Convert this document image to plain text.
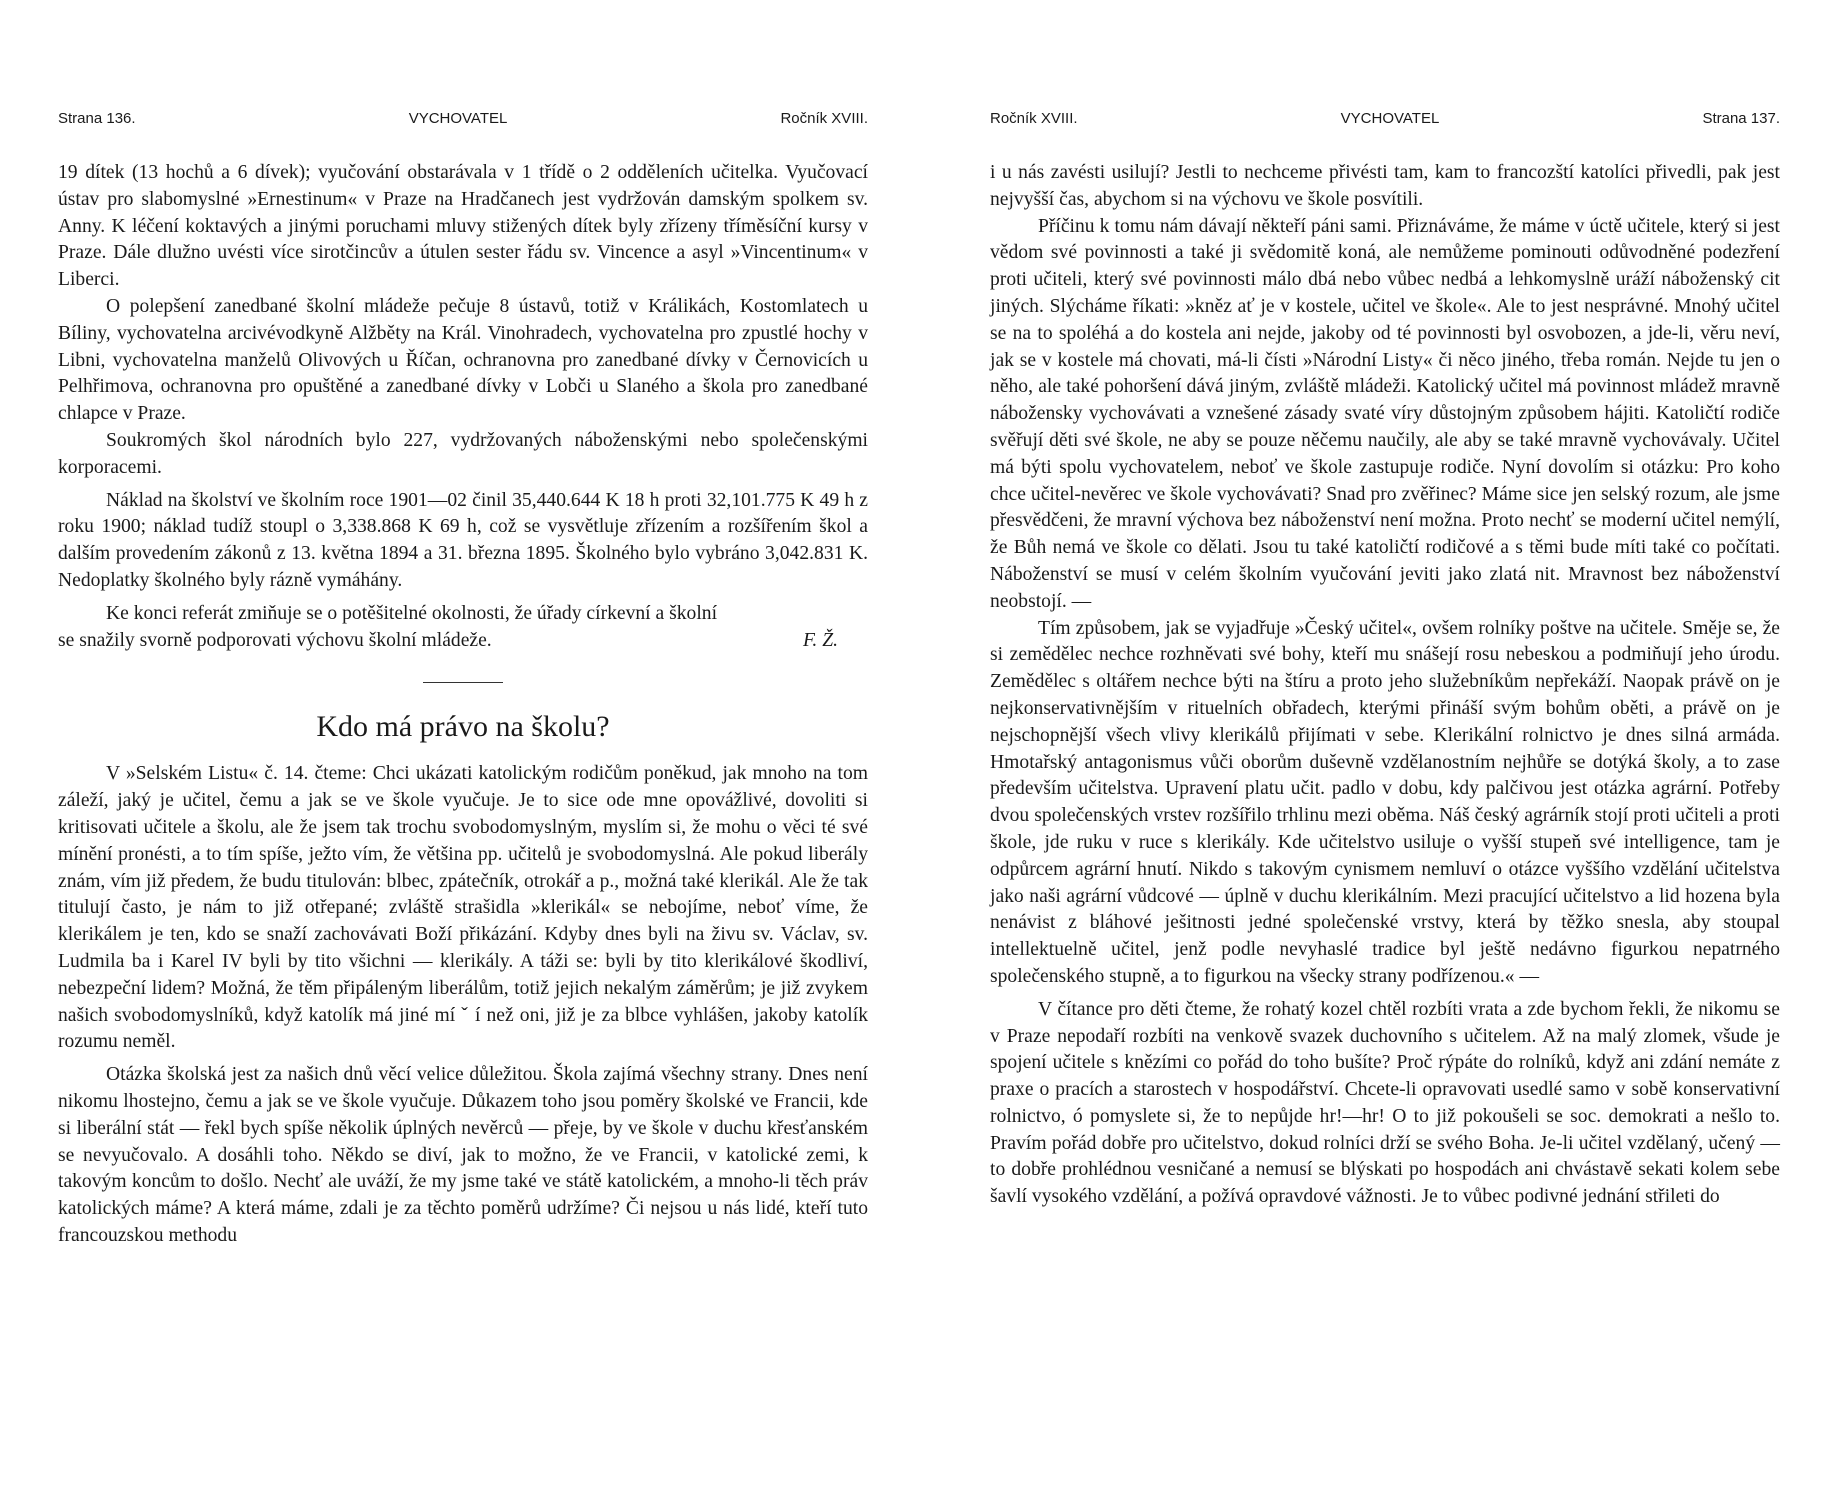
Strana 136.	VYCHOVATEL	Ročník XVIII.

19 dítek (13 hochů a 6 dívek); vyučování obstarávala v 1 třídě o 2 odděleních učitelka. Vyučovací ústav pro slabomyslné »Ernestinum« v Praze na Hradčanech jest vydržován damským spolkem sv. Anny. K léčení koktavých a jinými poruchami mluvy stižených dítek byly zřízeny tříměsíční kursy v Praze. Dále dlužno uvésti více sirotčincův a útulen sester řádu sv. Vincence a asyl »Vincentinum« v Liberci.

O polepšení zanedbané školní mládeže pečuje 8 ústavů, totiž v Králikách, Kostomlatech u Bíliny, vychovatelna arcivévodkyně Alžběty na Král. Vinohradech, vychovatelna pro zpustlé hochy v Libni, vychovatelna manželů Olivových u Říčan, ochranovna pro zanedbané dívky v Černovicích u Pelhřimova, ochranovna pro opuštěné a zanedbané dívky v Lobči u Slaného a škola pro zanedbané chlapce v Praze.

Soukromých škol národních bylo 227, vydržovaných náboženskými nebo společenskými korporacemi.

Náklad na školství ve školním roce 1901—02 činil 35,440.644 K 18 h proti 32,101.775 K 49 h z roku 1900; náklad tudíž stoupl o 3,338.868 K 69 h, což se vysvětluje zřízením a rozšířením škol a dalším provedením zákonů z 13. května 1894 a 31. března 1895. Školného bylo vybráno 3,042.831 K. Nedoplatky školného byly rázně vymáhány.

Ke konci referát zmiňuje se o potěšitelné okolnosti, že úřady církevní a školní

se snažily svorně podporovati výchovu školní mládeže.	F. Ž.

Kdo má právo na školu?

V »Selském Listu« č. 14. čteme: Chci ukázati katolickým rodičům poněkud, jak mnoho na tom záleží, jaký je učitel, čemu a jak se ve škole vyučuje. Je to sice ode mne opovážlivé, dovoliti si kritisovati učitele a školu, ale že jsem tak trochu svobodomyslným, myslím si, že mohu o věci té své mínění pronésti, a to tím spíše, ježto vím, že většina pp. učitelů je svobodomyslná. Ale pokud liberály znám, vím již předem, že budu titulován: blbec, zpátečník, otrokář a p., možná také klerikál. Ale že tak titulují často, je nám to již otřepané; zvláště strašidla »klerikál« se nebojíme, neboť víme, že klerikálem je ten, kdo se snaží zachovávati Boží přikázání. Kdyby dnes byli na živu sv. Václav, sv. Ludmila ba i Karel IV byli by tito všichni — klerikály. A táži se: byli by tito klerikálové škodliví, nebezpeční lidem? Možná, že těm připáleným liberálům, totiž jejich nekalým záměrům; je již zvykem našich svobodomyslníků, když katolík má jiné mí ˇ í než oni, již je za blbce vyhlášen, jakoby katolík rozumu neměl.

Otázka školská jest za našich dnů věcí velice důležitou. Škola zajímá všechny strany. Dnes není nikomu lhostejno, čemu a jak se ve škole vyučuje. Důkazem toho jsou poměry školské ve Francii, kde si liberální stát — řekl bych spíše několik úplných nevěrců — přeje, by ve škole v duchu křesťanském se nevyučovalo. A dosáhli toho. Někdo se diví, jak to možno, že ve Francii, v katolické zemi, k takovým koncům to došlo. Nechť ale uváží, že my jsme také ve státě katolickém, a mnoho-li těch práv katolických máme? A která máme, zdali je za těchto poměrů udržíme? Či nejsou u nás lidé, kteří tuto francouzskou methodu

Ročník XVIII.	VYCHOVATEL	Strana 137.

i u nás zavésti usilují? Jestli to nechceme přivésti tam, kam to francozští katolíci přivedli, pak jest nejvyšší čas, abychom si na výchovu ve škole posvítili.

Příčinu k tomu nám dávají někteří páni sami. Přiznáváme, že máme v úctě učitele, který si jest vědom své povinnosti a také ji svědomitě koná, ale nemůžeme pominouti odůvodněné podezření proti učiteli, který své povinnosti málo dbá nebo vůbec nedbá a lehkomyslně uráží náboženský cit jiných. Slýcháme říkati: »kněz ať je v kostele, učitel ve škole«. Ale to jest nesprávné. Mnohý učitel se na to spoléhá a do kostela ani nejde, jakoby od té povinnosti byl osvobozen, a jde-li, věru neví, jak se v kostele má chovati, má-li čísti »Národní Listy« či něco jiného, třeba román. Nejde tu jen o něho, ale také pohoršení dává jiným, zvláště mládeži. Katolický učitel má povinnost mládež mravně nábožensky vychovávati a vznešené zásady svaté víry důstojným způsobem hájiti. Katoličtí rodiče svěřují děti své škole, ne aby se pouze něčemu naučily, ale aby se také mravně vychovávaly. Učitel má býti spolu vychovatelem, neboť ve škole zastupuje rodiče. Nyní dovolím si otázku: Pro koho chce učitel-nevěrec ve škole vychovávati? Snad pro zvěřinec? Máme sice jen selský rozum, ale jsme přesvědčeni, že mravní výchova bez náboženství není možna. Proto nechť se moderní učitel nemýlí, že Bůh nemá ve škole co dělati. Jsou tu také katoličtí rodičové a s těmi bude míti také co počítati. Náboženství se musí v celém školním vyučování jeviti jako zlatá nit. Mravnost bez náboženství neobstojí. —

Tím způsobem, jak se vyjadřuje »Český učitel«, ovšem rolníky poštve na učitele. Směje se, že si zemědělec nechce rozhněvati své bohy, kteří mu snášejí rosu nebeskou a podmiňují jeho úrodu. Zemědělec s oltářem nechce býti na štíru a proto jeho služebníkům nepřekáží. Naopak právě on je nejkonservativnějším v rituelních obřadech, kterými přináší svým bohům oběti, a právě on je nejschopnější všech vlivy klerikálů přijímati v sebe. Klerikální rolnictvo je dnes silná armáda. Hmotařský antagonismus vůči oborům duševně vzdělanostním nejhůře se dotýká školy, a to zase především učitelstva. Upravení platu učit. padlo v dobu, kdy palčivou jest otázka agrární. Potřeby dvou společenských vrstev rozšířilo trhlinu mezi oběma. Náš český agrárník stojí proti učiteli a proti škole, jde ruku v ruce s klerikály. Kde učitelstvo usiluje o vyšší stupeň své intelligence, tam je odpůrcem agrární hnutí. Nikdo s takovým cynismem nemluví o otázce vyššího vzdělání učitelstva jako naši agrární vůdcové — úplně v duchu klerikálním. Mezi pracující učitelstvo a lid hozena byla nenávist z bláhové ješitnosti jedné společenské vrstvy, která by těžko snesla, aby stoupal intellektuelně učitel, jenž podle nevyhaslé tradice byl ještě nedávno figurkou nepatrného společenského stupně, a to figurkou na všecky strany podřízenou.« —

V čítance pro děti čteme, že rohatý kozel chtěl rozbíti vrata a zde bychom řekli, že nikomu se v Praze nepodaří rozbíti na venkově svazek duchovního s učitelem. Až na malý zlomek, všude je spojení učitele s knězími co pořád do toho bušíte? Proč rýpáte do rolníků, když ani zdání nemáte z praxe o pracích a starostech v hospodářství. Chcete-li opravovati usedlé samo v sobě konservativní rolnictvo, ó pomyslete si, že to nepůjde hr!—hr! O to již pokoušeli se soc. demokrati a nešlo to. Pravím pořád dobře pro učitelstvo, dokud rolníci drží se svého Boha. Je-li učitel vzdělaný, učený — to dobře prohlédnou vesničané a nemusí se blýskati po hospodách ani chvástavě sekati kolem sebe šavlí vysokého vzdělání, a požívá opravdové vážnosti. Je to vůbec podivné jednání střileti do
